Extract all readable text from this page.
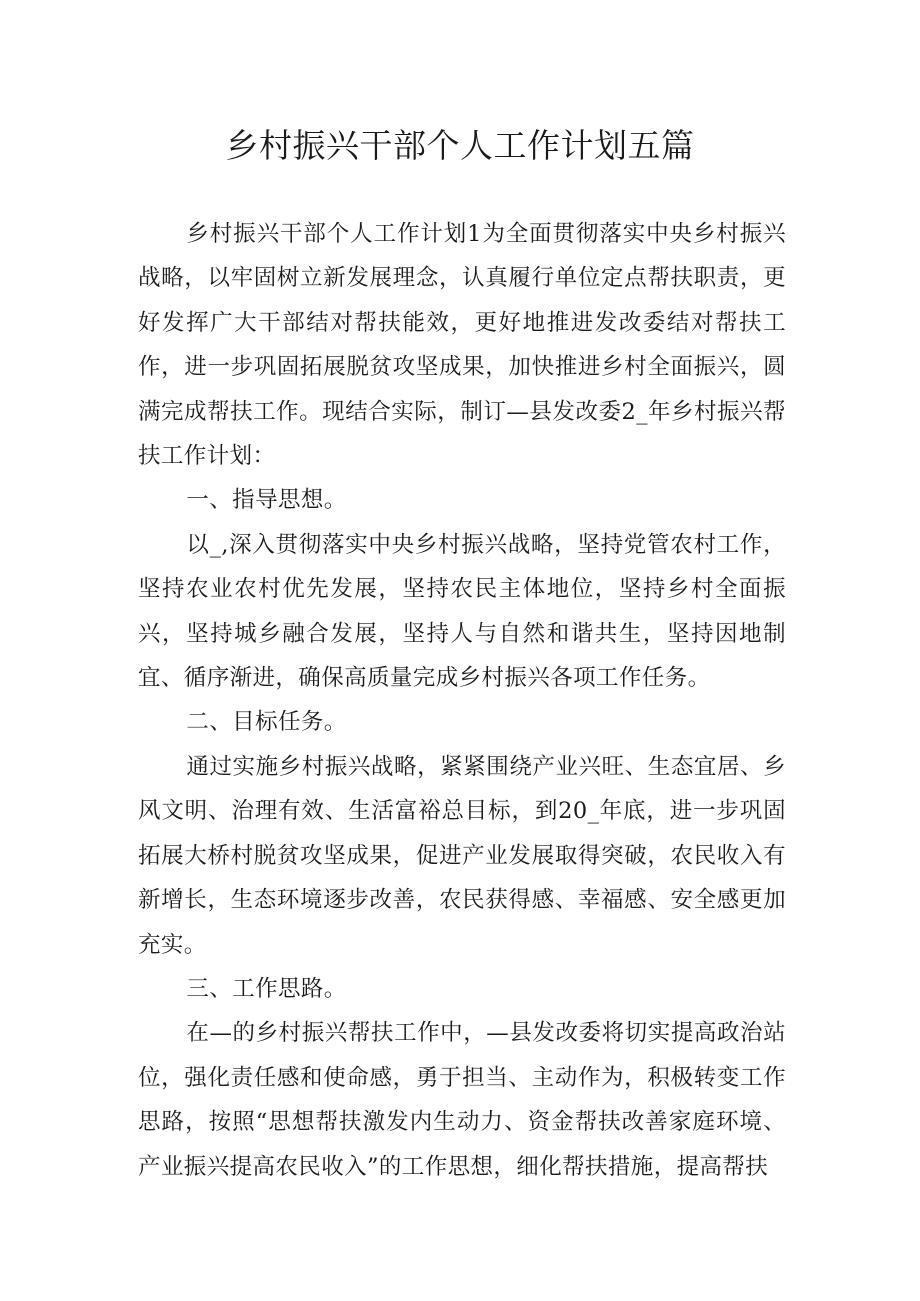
乡村振兴干部个人工作计划五篇

乡村振兴干部个人工作计划1为全面贯彻落实中央乡村振兴战略，以牢固树立新发展理念，认真履行单位定点帮扶职责，更好发挥广大干部结对帮扶能效，更好地推进发改委结对帮扶工作，进一步巩固拓展脱贫攻坚成果，加快推进乡村全面振兴，圆满完成帮扶工作。现结合实际，制订—县发改委2_年乡村振兴帮扶工作计划：

一、指导思想。

以_,深入贯彻落实中央乡村振兴战略，坚持党管农村工作，坚持农业农村优先发展，坚持农民主体地位，坚持乡村全面振兴，坚持城乡融合发展，坚持人与自然和谐共生，坚持因地制宜、循序渐进，确保高质量完成乡村振兴各项工作任务。

二、目标任务。

通过实施乡村振兴战略，紧紧围绕产业兴旺、生态宜居、乡风文明、治理有效、生活富裕总目标，到20_年底，进一步巩固拓展大桥村脱贫攻坚成果，促进产业发展取得突破，农民收入有新增长，生态环境逐步改善，农民获得感、幸福感、安全感更加充实。

三、工作思路。

在—的乡村振兴帮扶工作中，—县发改委将切实提高政治站位，强化责任感和使命感，勇于担当、主动作为，积极转变工作思路，按照“思想帮扶激发内生动力、资金帮扶改善家庭环境、产业振兴提高农民收入”的工作思想，细化帮扶措施，提高帮扶
